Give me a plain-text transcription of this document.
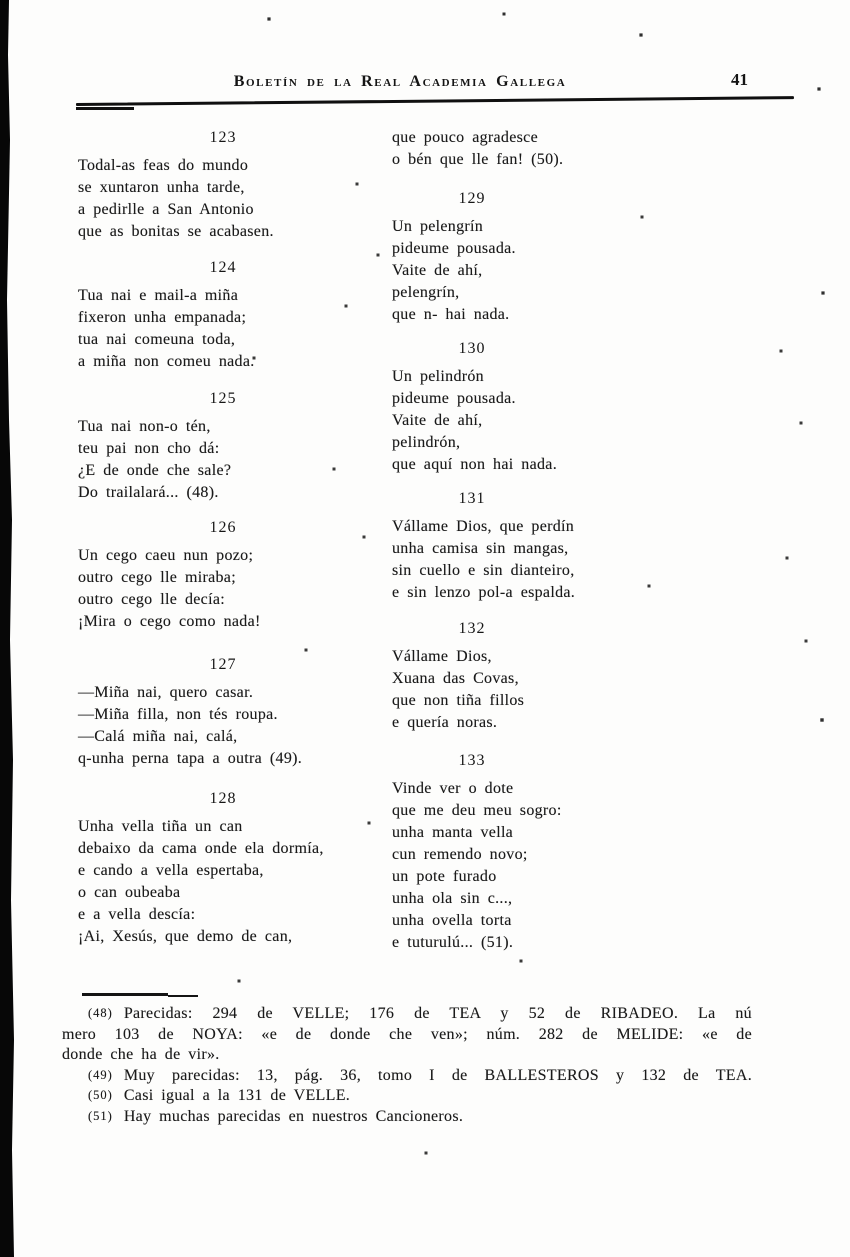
Boletín de la Real Academia Gallega	41
123
Todal-as feas do mundo
se xuntaron unha tarde,
a pedirlle a San Antonio
que as bonitas se acabasen.
124
Tua nai e mail-a miña
fixeron unha empanada;
tua nai comeuna toda,
a miña non comeu nada.
125
Tua nai non-o tén,
teu pai non cho dá:
¿E de onde che sale?
Do trailalará... (48).
126
Un cego caeu nun pozo;
outro cego lle miraba;
outro cego lle decía:
¡Mira o cego como nada!
127
—Miña nai, quero casar.
—Miña filla, non tés roupa.
—Calá miña nai, calá,
q-unha perna tapa a outra (49).
128
Unha vella tiña un can
debaixo da cama onde ela dormía,
e cando a vella espertaba,
o can oubeaba
e a vella descía:
¡Ai, Xesús, que demo de can,
que pouco agradesce
o bén que lle fan! (50).
129
Un pelengrín
pideume pousada.
Vaite de ahí,
pelengrín,
que n- hai nada.
130
Un pelindrón
pideume pousada.
Vaite de ahí,
pelindrón,
que aquí non hai nada.
131
Vállame Dios, que perdín
unha camisa sin mangas,
sin cuello e sin dianteiro,
e sin lenzo pol-a espalda.
132
Vállame Dios,
Xuana das Covas,
que non tiña fillos
e quería noras.
133
Vinde ver o dote
que me deu meu sogro:
unha manta vella
cun remendo novo;
un pote furado
unha ola sin c...,
unha ovella torta
e tuturulú... (51).
(48) Parecidas: 294 de VELLE; 176 de TEA y 52 de RIBADEO. La nú
mero 103 de NOYA: «e de donde che ven»; núm. 282 de MELIDE: «e de
donde che ha de vir».
(49) Muy parecidas: 13, pág. 36, tomo I de BALLESTEROS y 132 de TEA.
(50) Casi igual a la 131 de VELLE.
(51) Hay muchas parecidas en nuestros Cancioneros.
